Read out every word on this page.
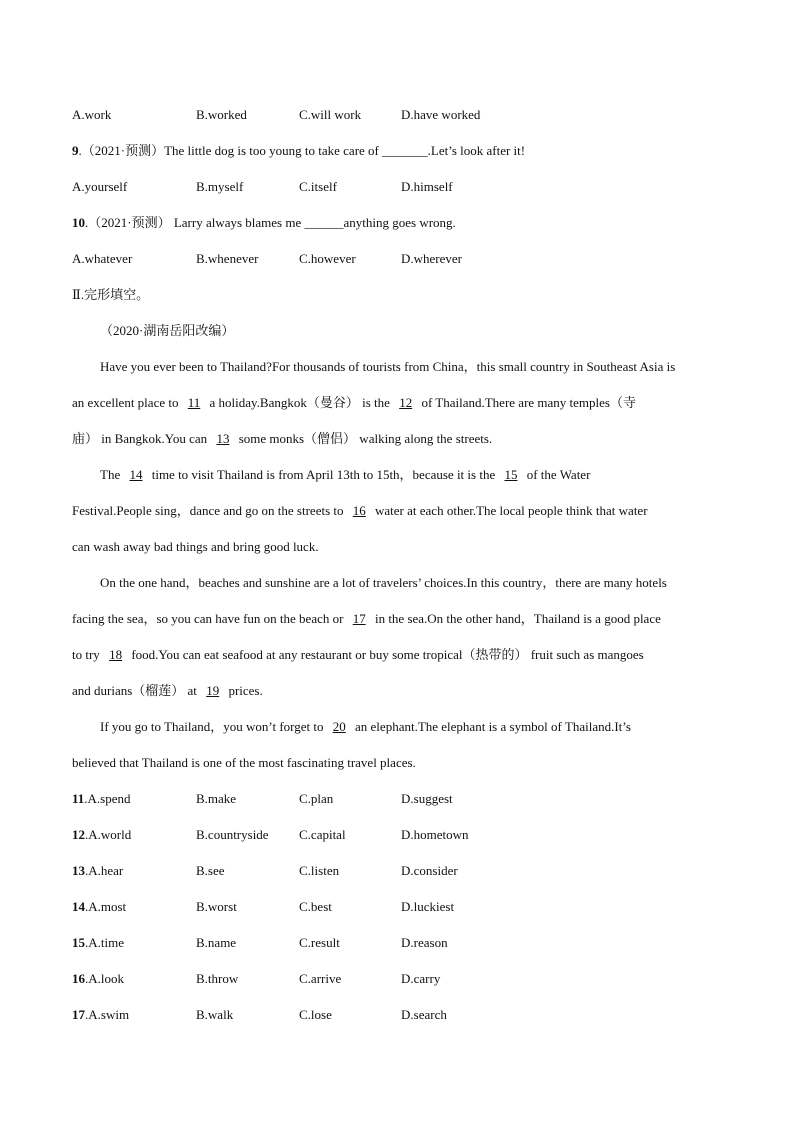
A.work	B.worked	C.will work	D.have worked
9.（2021·预测）The little dog is too young to take care of _______.Let’s look after it!
A.yourself	B.myself	C.itself	D.himself
10.（2021·预测） Larry always blames me ______anything goes wrong.
A.whatever	B.whenever	C.however	D.wherever
Ⅱ.完形填空。
（2020·湖南岳阳改编）
Have you ever been to Thailand?For thousands of tourists from China，this small country in Southeast Asia is
an excellent place to 11 a holiday.Bangkok（曼谷） is the 12 of Thailand.There are many temples（寺
庙） in Bangkok.You can 13 some monks（僧侣） walking along the streets.
The 14 time to visit Thailand is from April 13th to 15th，because it is the 15 of the Water
Festival.People sing，dance and go on the streets to 16 water at each other.The local people think that water
can wash away bad things and bring good luck.
On the one hand，beaches and sunshine are a lot of travelers’ choices.In this country，there are many hotels
facing the sea，so you can have fun on the beach or 17 in the sea.On the other hand，Thailand is a good place
to try 18 food.You can eat seafood at any restaurant or buy some tropical（热带的） fruit such as mangoes
and durians（榴莲） at 19 prices.
If you go to Thailand，you won’t forget to 20 an elephant.The elephant is a symbol of Thailand.It’s
believed that Thailand is one of the most fascinating travel places.
11.A.spend	B.make	C.plan	D.suggest
12.A.world	B.countryside C.capital	D.hometown
13.A.hear	B.see	C.listen	D.consider
14.A.most	B.worst	C.best	D.luckiest
15.A.time	B.name	C.result	D.reason
16.A.look	B.throw	C.arrive	D.carry
17.A.swim	B.walk	C.lose	D.search
